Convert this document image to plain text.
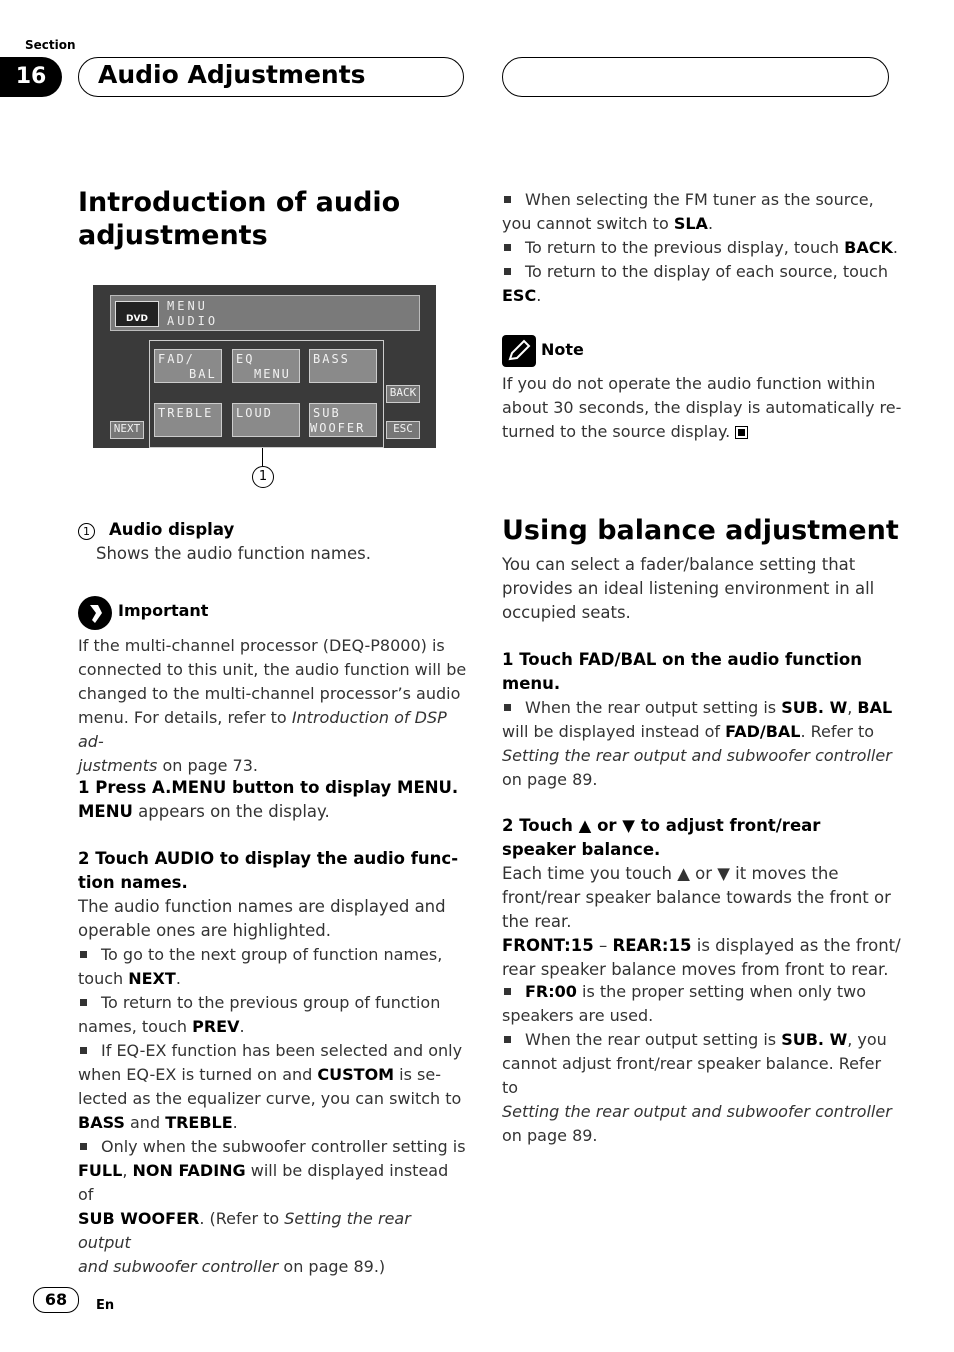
Section
16	Audio Adjustments
Introduction of audio
adjustments
DVD
MENU
AUDIO
FAD/
BAL
EQ
MENU
BASS
TREBLE LOUD	SUB
WOOFER
NEXT
BACK
ESC
1
1 Audio display
Shows the audio function names.
Important
If the multi-channel processor (DEQ-P8000) is
connected to this unit, the audio function will be
changed to the multi-channel processor’s audio
menu. For details, refer to Introduction of DSP ad-
justments on page 73.
1 Press A.MENU button to display MENU.
MENU appears on the display.
2 Touch AUDIO to display the audio func-
tion names.
The audio function names are displayed and
operable ones are highlighted.
To go to the next group of function names,
touch NEXT.
To return to the previous group of function
names, touch PREV.
If EQ-EX function has been selected and only
when EQ-EX is turned on and CUSTOM is se-
lected as the equalizer curve, you can switch to
BASS and TREBLE.
Only when the subwoofer controller setting is
FULL, NON FADING will be displayed instead of
SUB WOOFER. (Refer to Setting the rear output
and subwoofer controller on page 89.)
When selecting the FM tuner as the source,
you cannot switch to SLA.
To return to the previous display, touch BACK.
To return to the display of each source, touch
ESC.
Note
If you do not operate the audio function within
about 30 seconds, the display is automatically re-
turned to the source display.
Using balance adjustment
You can select a fader/balance setting that
provides an ideal listening environment in all
occupied seats.
1 Touch FAD/BAL on the audio function
menu.
When the rear output setting is SUB. W, BAL
will be displayed instead of FAD/BAL. Refer to
Setting the rear output and subwoofer controller
on page 89.
2 Touch ▲ or ▼ to adjust front/rear
speaker balance.
Each time you touch ▲ or ▼ it moves the
front/rear speaker balance towards the front or
the rear.
FRONT:15 – REAR:15 is displayed as the front/
rear speaker balance moves from front to rear.
FR:00 is the proper setting when only two
speakers are used.
When the rear output setting is SUB. W, you
cannot adjust front/rear speaker balance. Refer to
Setting the rear output and subwoofer controller
on page 89.
68	En
